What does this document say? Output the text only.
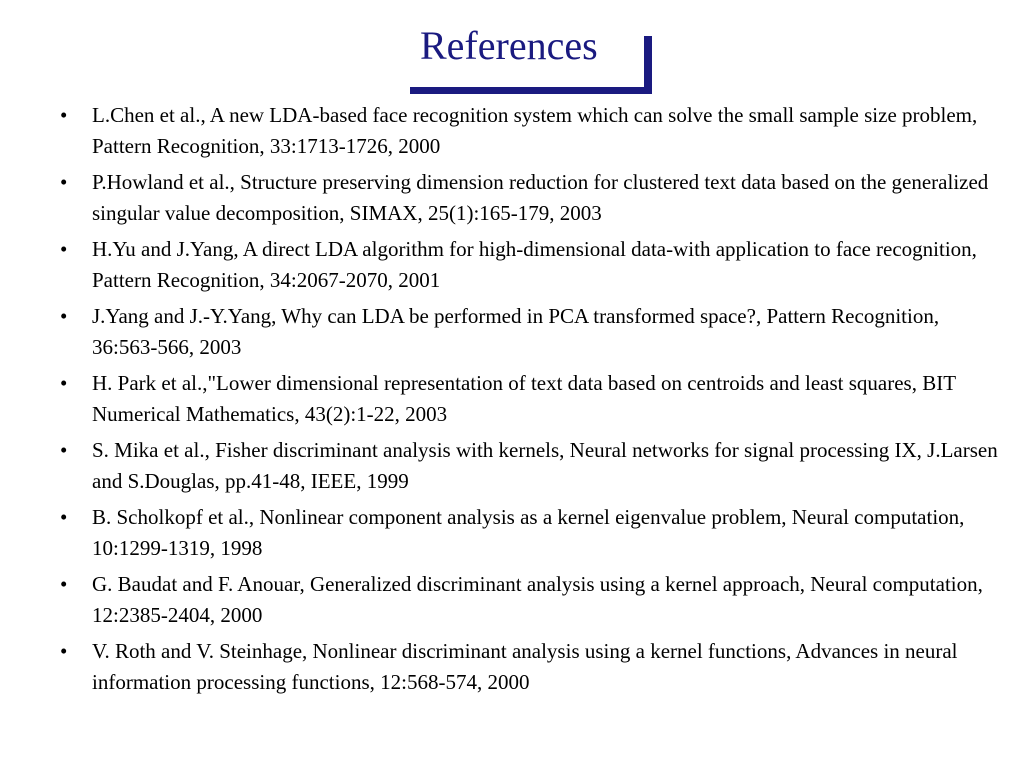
References
• L.Chen et al., A new LDA-based face recognition system which can solve the small sample size problem, Pattern Recognition, 33:1713-1726, 2000
• P.Howland et al., Structure preserving dimension reduction for clustered text data based on the generalized singular value decomposition, SIMAX, 25(1):165-179, 2003
• H.Yu and J.Yang, A direct LDA algorithm for high-dimensional data-with application to face recognition, Pattern Recognition, 34:2067-2070, 2001
• J.Yang and J.-Y.Yang, Why can LDA be performed in PCA transformed space?, Pattern Recognition, 36:563-566, 2003
• H. Park et al.,"Lower dimensional representation of text data based on centroids and least squares, BIT Numerical Mathematics, 43(2):1-22, 2003
• S. Mika et al., Fisher discriminant analysis with kernels, Neural networks for signal processing IX, J.Larsen and S.Douglas, pp.41-48, IEEE, 1999
• B. Scholkopf et al., Nonlinear component analysis as a kernel eigenvalue problem, Neural computation, 10:1299-1319, 1998
• G. Baudat and F. Anouar, Generalized discriminant analysis using a kernel approach, Neural computation, 12:2385-2404, 2000
• V. Roth and V. Steinhage, Nonlinear discriminant analysis using a kernel functions, Advances in neural information processing functions, 12:568-574, 2000
